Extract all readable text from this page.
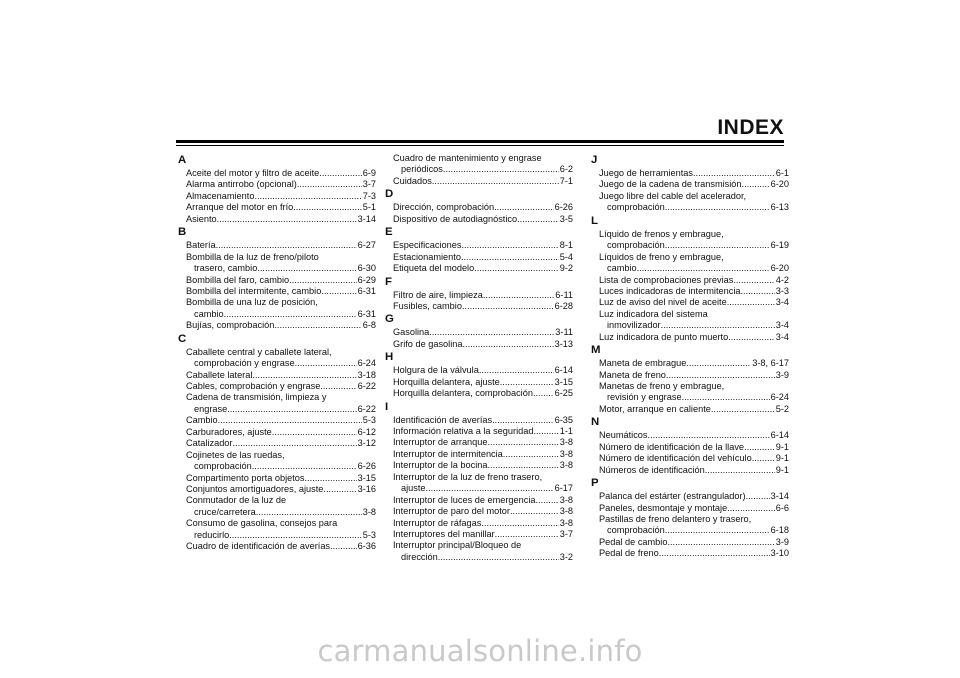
INDEX
A
Aceite del motor y filtro de aceite .....	6-9
Alarma antirrobo (opcional) .....	3-7
Almacenamiento .....	7-3
Arranque del motor en frío .....	5-1
Asiento .....	3-14
B
Batería .....	6-27
Bombilla de la luz de freno/piloto
trasero, cambio .....	6-30
Bombilla del faro, cambio .....	6-29
Bombilla del intermitente, cambio .....	6-31
Bombilla de una luz de posición,
cambio .....	6-31
Bujías, comprobación .....	6-8
C
Caballete central y caballete lateral,
comprobación y engrase .....	6-24
Caballete lateral .....	3-18
Cables, comprobación y engrase .....	6-22
Cadena de transmisión, limpieza y
engrase .....	6-22
Cambio .....	5-3
Carburadores, ajuste .....	6-12
Catalizador .....	3-12
Cojinetes de las ruedas,
comprobación .....	6-26
Compartimento porta objetos .....	3-15
Conjuntos amortiguadores, ajuste .....	3-16
Conmutador de la luz de
cruce/carretera .....	3-8
Consumo de gasolina, consejos para
reducirlo .....	5-3
Cuadro de identificación de averías .....	6-36
Cuadro de mantenimiento y engrase
periódicos .....	6-2
Cuidados .....	7-1
D
Dirección, comprobación .....	6-26
Dispositivo de autodiagnóstico .....	3-5
E
Especificaciones .....	8-1
Estacionamiento .....	5-4
Etiqueta del modelo .....	9-2
F
Filtro de aire, limpieza .....	6-11
Fusibles, cambio .....	6-28
G
Gasolina .....	3-11
Grifo de gasolina .....	3-13
H
Holgura de la válvula .....	6-14
Horquilla delantera, ajuste .....	3-15
Horquilla delantera, comprobación ..... 6-25
I
Identificación de averías .....	6-35
Información relativa a la seguridad .....	1-1
Interruptor de arranque .....	3-8
Interruptor de intermitencia .....	3-8
Interruptor de la bocina .....	3-8
Interruptor de la luz de freno trasero,
ajuste .....	6-17
Interruptor de luces de emergencia .....	3-8
Interruptor de paro del motor .....	3-8
Interruptor de ráfagas .....	3-8
Interruptores del manillar .....	3-7
Interruptor principal/Bloqueo de
dirección .....	3-2
J
Juego de herramientas .....	6-1
Juego de la cadena de transmisión .....	6-20
Juego libre del cable del acelerador,
comprobación .....	6-13
L
Líquido de frenos y embrague,
comprobación .....	6-19
Líquidos de freno y embrague,
cambio .....	6-20
Lista de comprobaciones previas .....	4-2
Luces indicadoras de intermitencia .....	3-3
Luz de aviso del nivel de aceite .....	3-4
Luz indicadora del sistema
inmovilizador .....	3-4
Luz indicadora de punto muerto .....	3-4
M
Maneta de embrague .....	3-8, 6-17
Maneta de freno .....	3-9
Manetas de freno y embrague,
revisión y engrase .....	6-24
Motor, arranque en caliente .....	5-2
N
Neumáticos .....	6-14
Número de identificación de la llave .....	9-1
Número de identificación del vehículo .....	9-1
Números de identificación .....	9-1
P
Palanca del estárter (estrangulador) .....	3-14
Paneles, desmontaje y montaje .....	6-6
Pastillas de freno delantero y trasero,
comprobación .....	6-18
Pedal de cambio .....	3-9
Pedal de freno .....	3-10
carmanualsonline.info
